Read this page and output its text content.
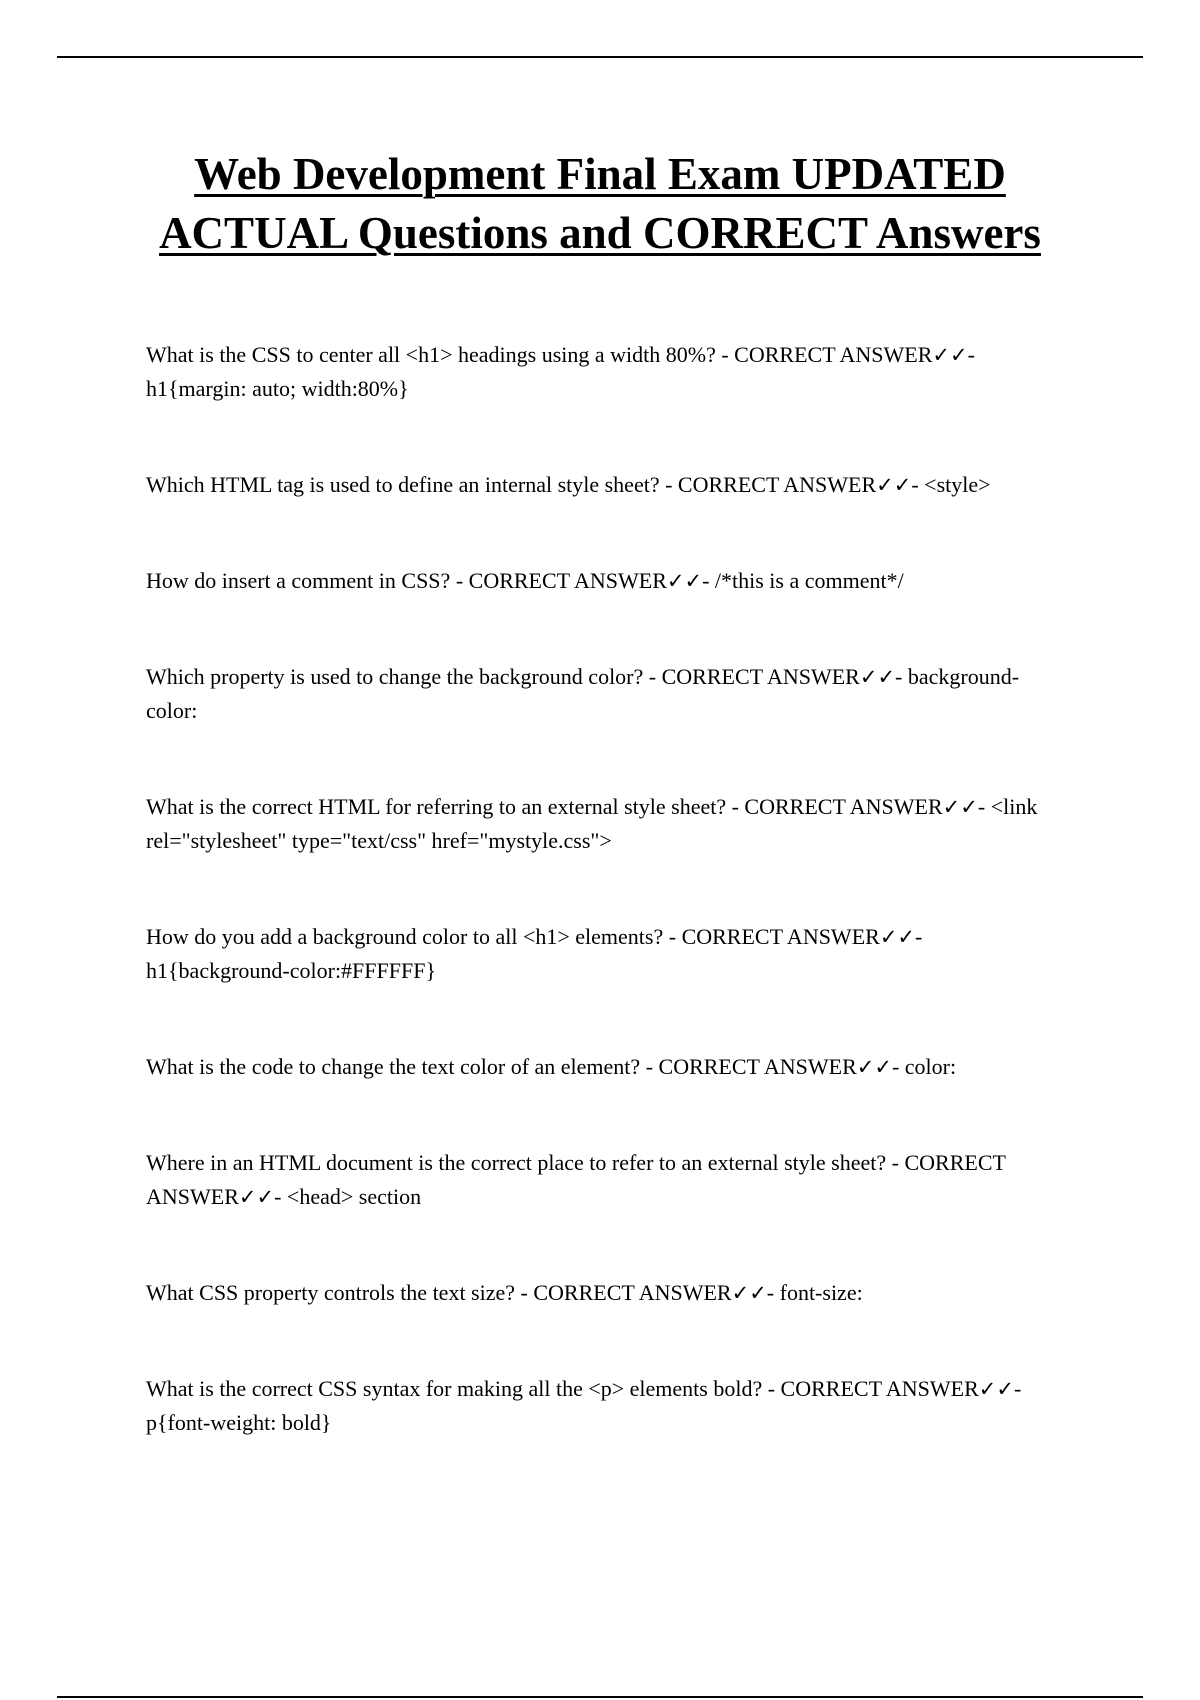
Web Development Final Exam UPDATED ACTUAL Questions and CORRECT Answers
What is the CSS to center all <h1> headings using a width 80%? - CORRECT ANSWER✓✓- h1{margin: auto; width:80%}
Which HTML tag is used to define an internal style sheet? - CORRECT ANSWER✓✓- <style>
How do insert a comment in CSS? - CORRECT ANSWER✓✓- /*this is a comment*/
Which property is used to change the background color? - CORRECT ANSWER✓✓- background-color:
What is the correct HTML for referring to an external style sheet? - CORRECT ANSWER✓✓- <link rel="stylesheet" type="text/css" href="mystyle.css">
How do you add a background color to all <h1> elements? - CORRECT ANSWER✓✓- h1{background-color:#FFFFFF}
What is the code to change the text color of an element? - CORRECT ANSWER✓✓- color:
Where in an HTML document is the correct place to refer to an external style sheet? - CORRECT ANSWER✓✓- <head> section
What CSS property controls the text size? - CORRECT ANSWER✓✓- font-size:
What is the correct CSS syntax for making all the <p> elements bold? - CORRECT ANSWER✓✓- p{font-weight: bold}
